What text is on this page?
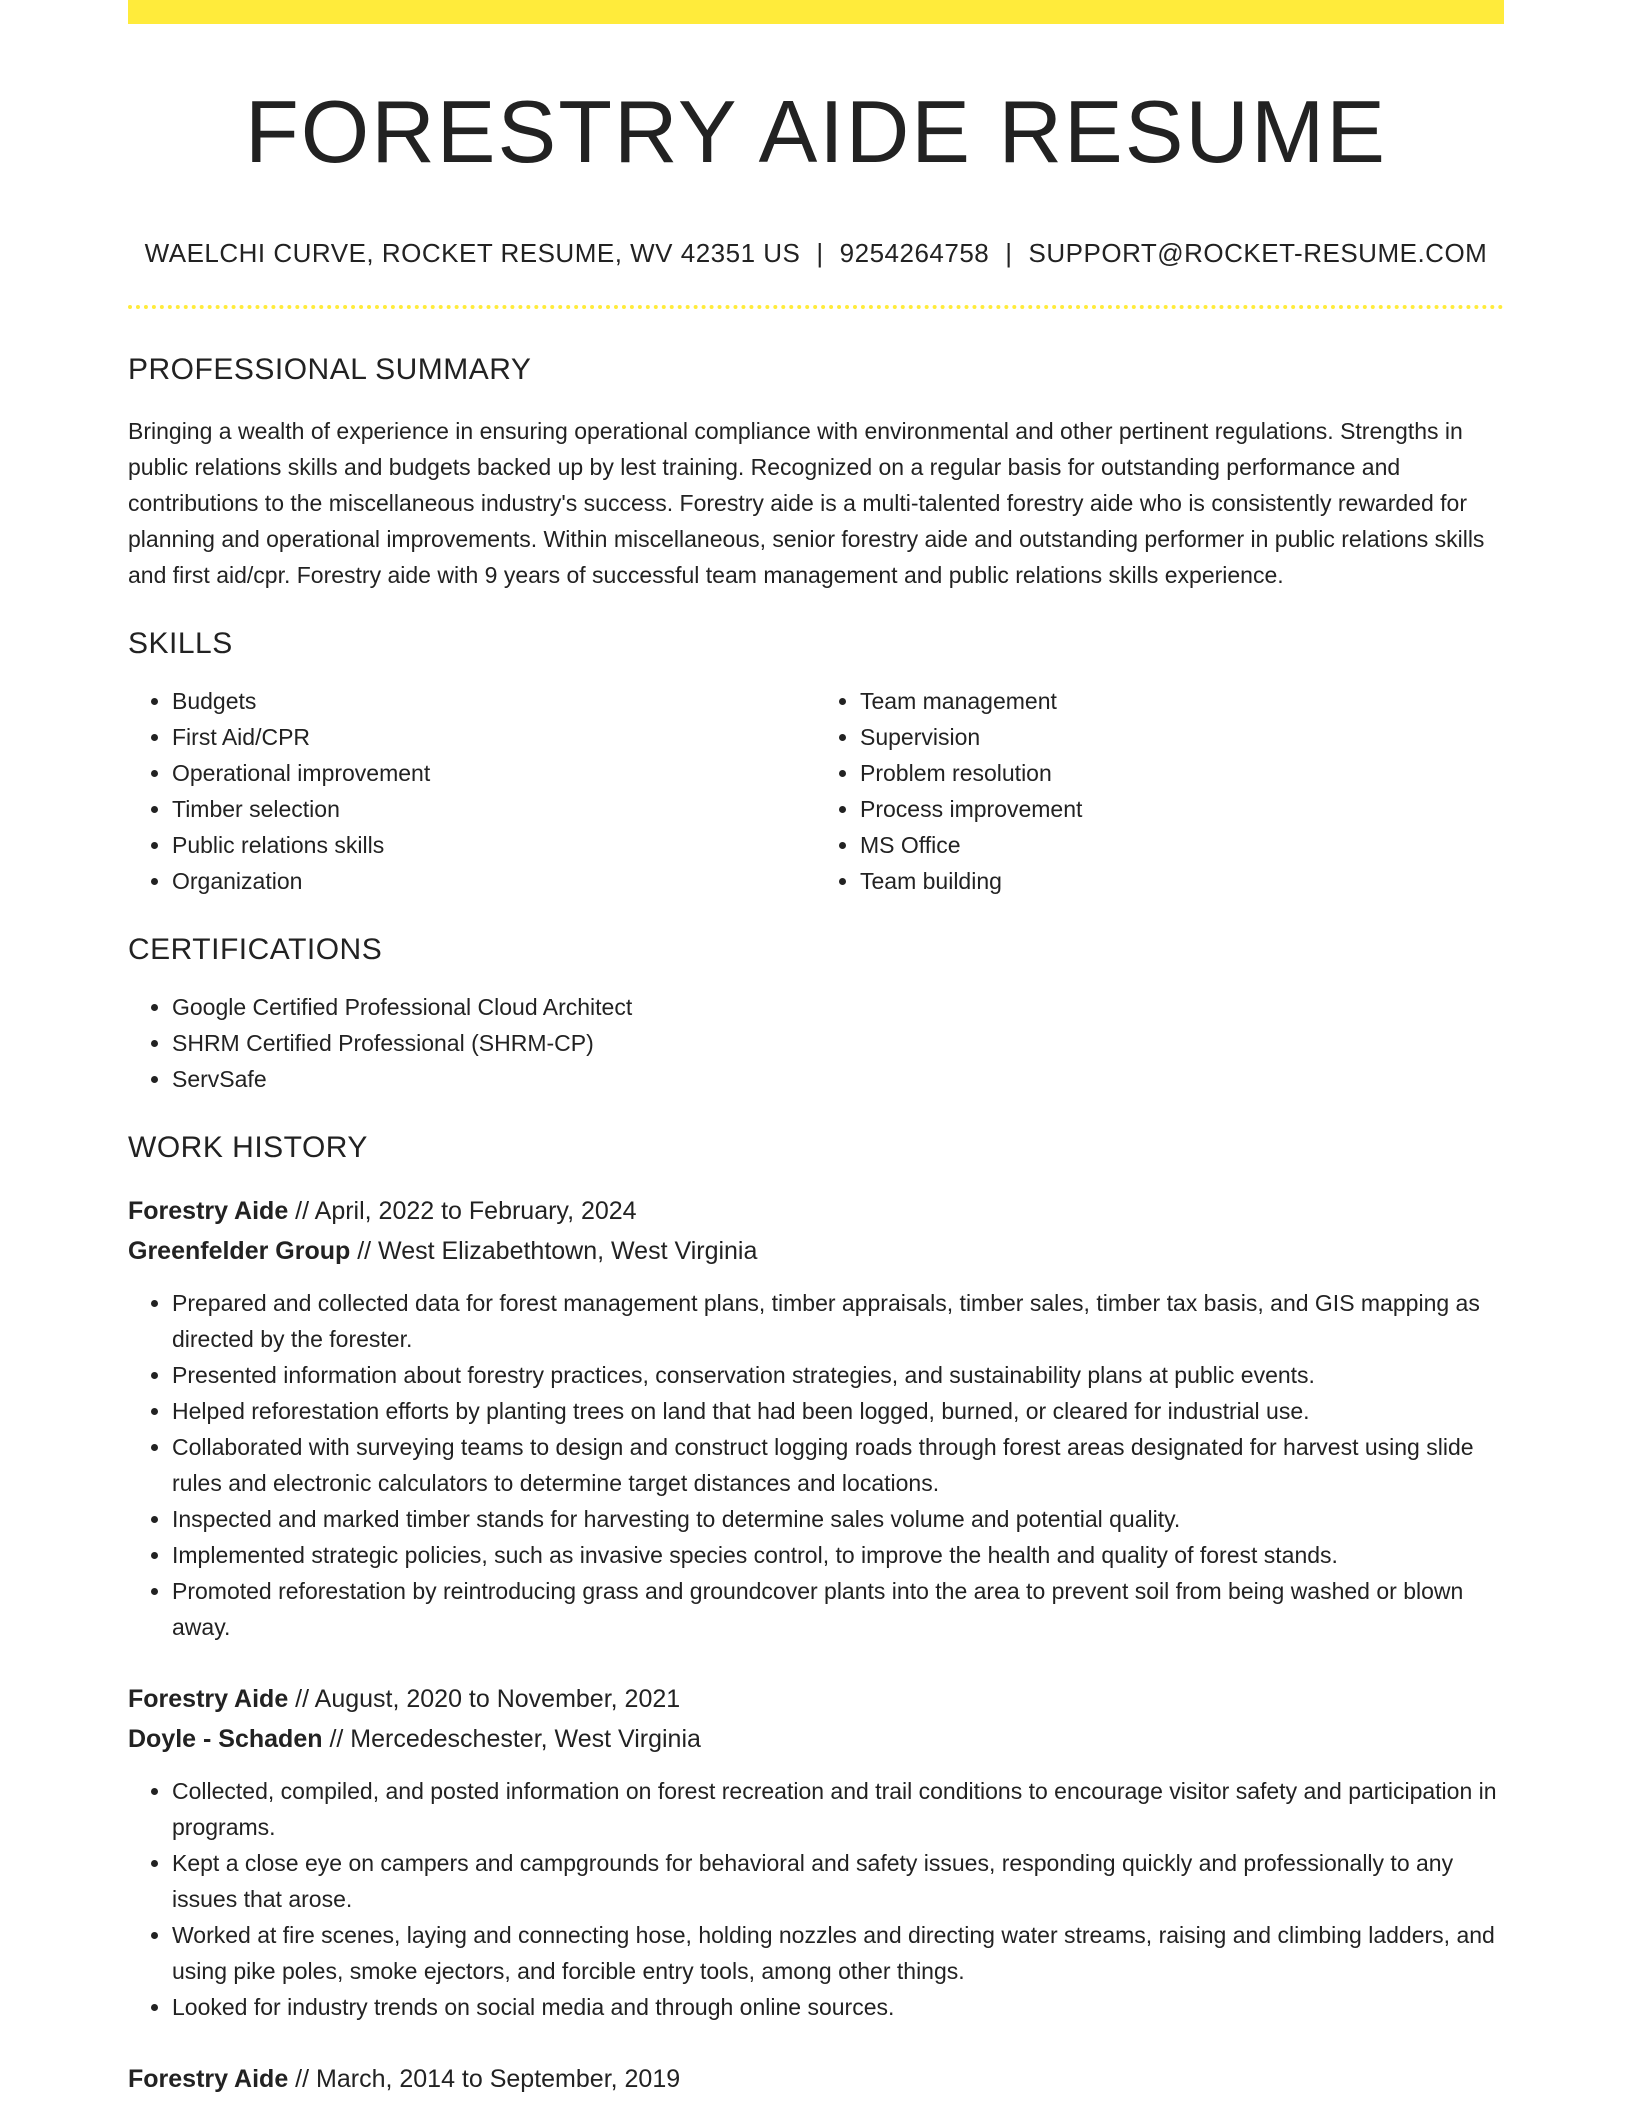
FORESTRY AIDE RESUME
WAELCHI CURVE, ROCKET RESUME, WV 42351 US | 9254264758 | SUPPORT@ROCKET-RESUME.COM
PROFESSIONAL SUMMARY

Bringing a wealth of experience in ensuring operational compliance with environmental and other pertinent regulations. Strengths in public relations skills and budgets backed up by lest training. Recognized on a regular basis for outstanding performance and contributions to the miscellaneous industry's success. Forestry aide is a multi-talented forestry aide who is consistently rewarded for planning and operational improvements. Within miscellaneous, senior forestry aide and outstanding performer in public relations skills and first aid/cpr. Forestry aide with 9 years of successful team management and public relations skills experience.

SKILLS
• Budgets
• First Aid/CPR
• Operational improvement
• Timber selection
• Public relations skills
• Organization
• Team management
• Supervision
• Problem resolution
• Process improvement
• MS Office
• Team building
CERTIFICATIONS
• Google Certified Professional Cloud Architect
• SHRM Certified Professional (SHRM-CP)
• ServSafe
WORK HISTORY
Forestry Aide // April, 2022 to February, 2024
Greenfelder Group // West Elizabethtown, West Virginia
• Prepared and collected data for forest management plans, timber appraisals, timber sales, timber tax basis, and GIS mapping as directed by the forester.
• Presented information about forestry practices, conservation strategies, and sustainability plans at public events.
• Helped reforestation efforts by planting trees on land that had been logged, burned, or cleared for industrial use.
• Collaborated with surveying teams to design and construct logging roads through forest areas designated for harvest using slide rules and electronic calculators to determine target distances and locations.
• Inspected and marked timber stands for harvesting to determine sales volume and potential quality.
• Implemented strategic policies, such as invasive species control, to improve the health and quality of forest stands.
• Promoted reforestation by reintroducing grass and groundcover plants into the area to prevent soil from being washed or blown away.
Forestry Aide // August, 2020 to November, 2021
Doyle - Schaden // Mercedeschester, West Virginia
• Collected, compiled, and posted information on forest recreation and trail conditions to encourage visitor safety and participation in programs.
• Kept a close eye on campers and campgrounds for behavioral and safety issues, responding quickly and professionally to any issues that arose.
• Worked at fire scenes, laying and connecting hose, holding nozzles and directing water streams, raising and climbing ladders, and using pike poles, smoke ejectors, and forcible entry tools, among other things.
• Looked for industry trends on social media and through online sources.
Forestry Aide // March, 2014 to September, 2019
